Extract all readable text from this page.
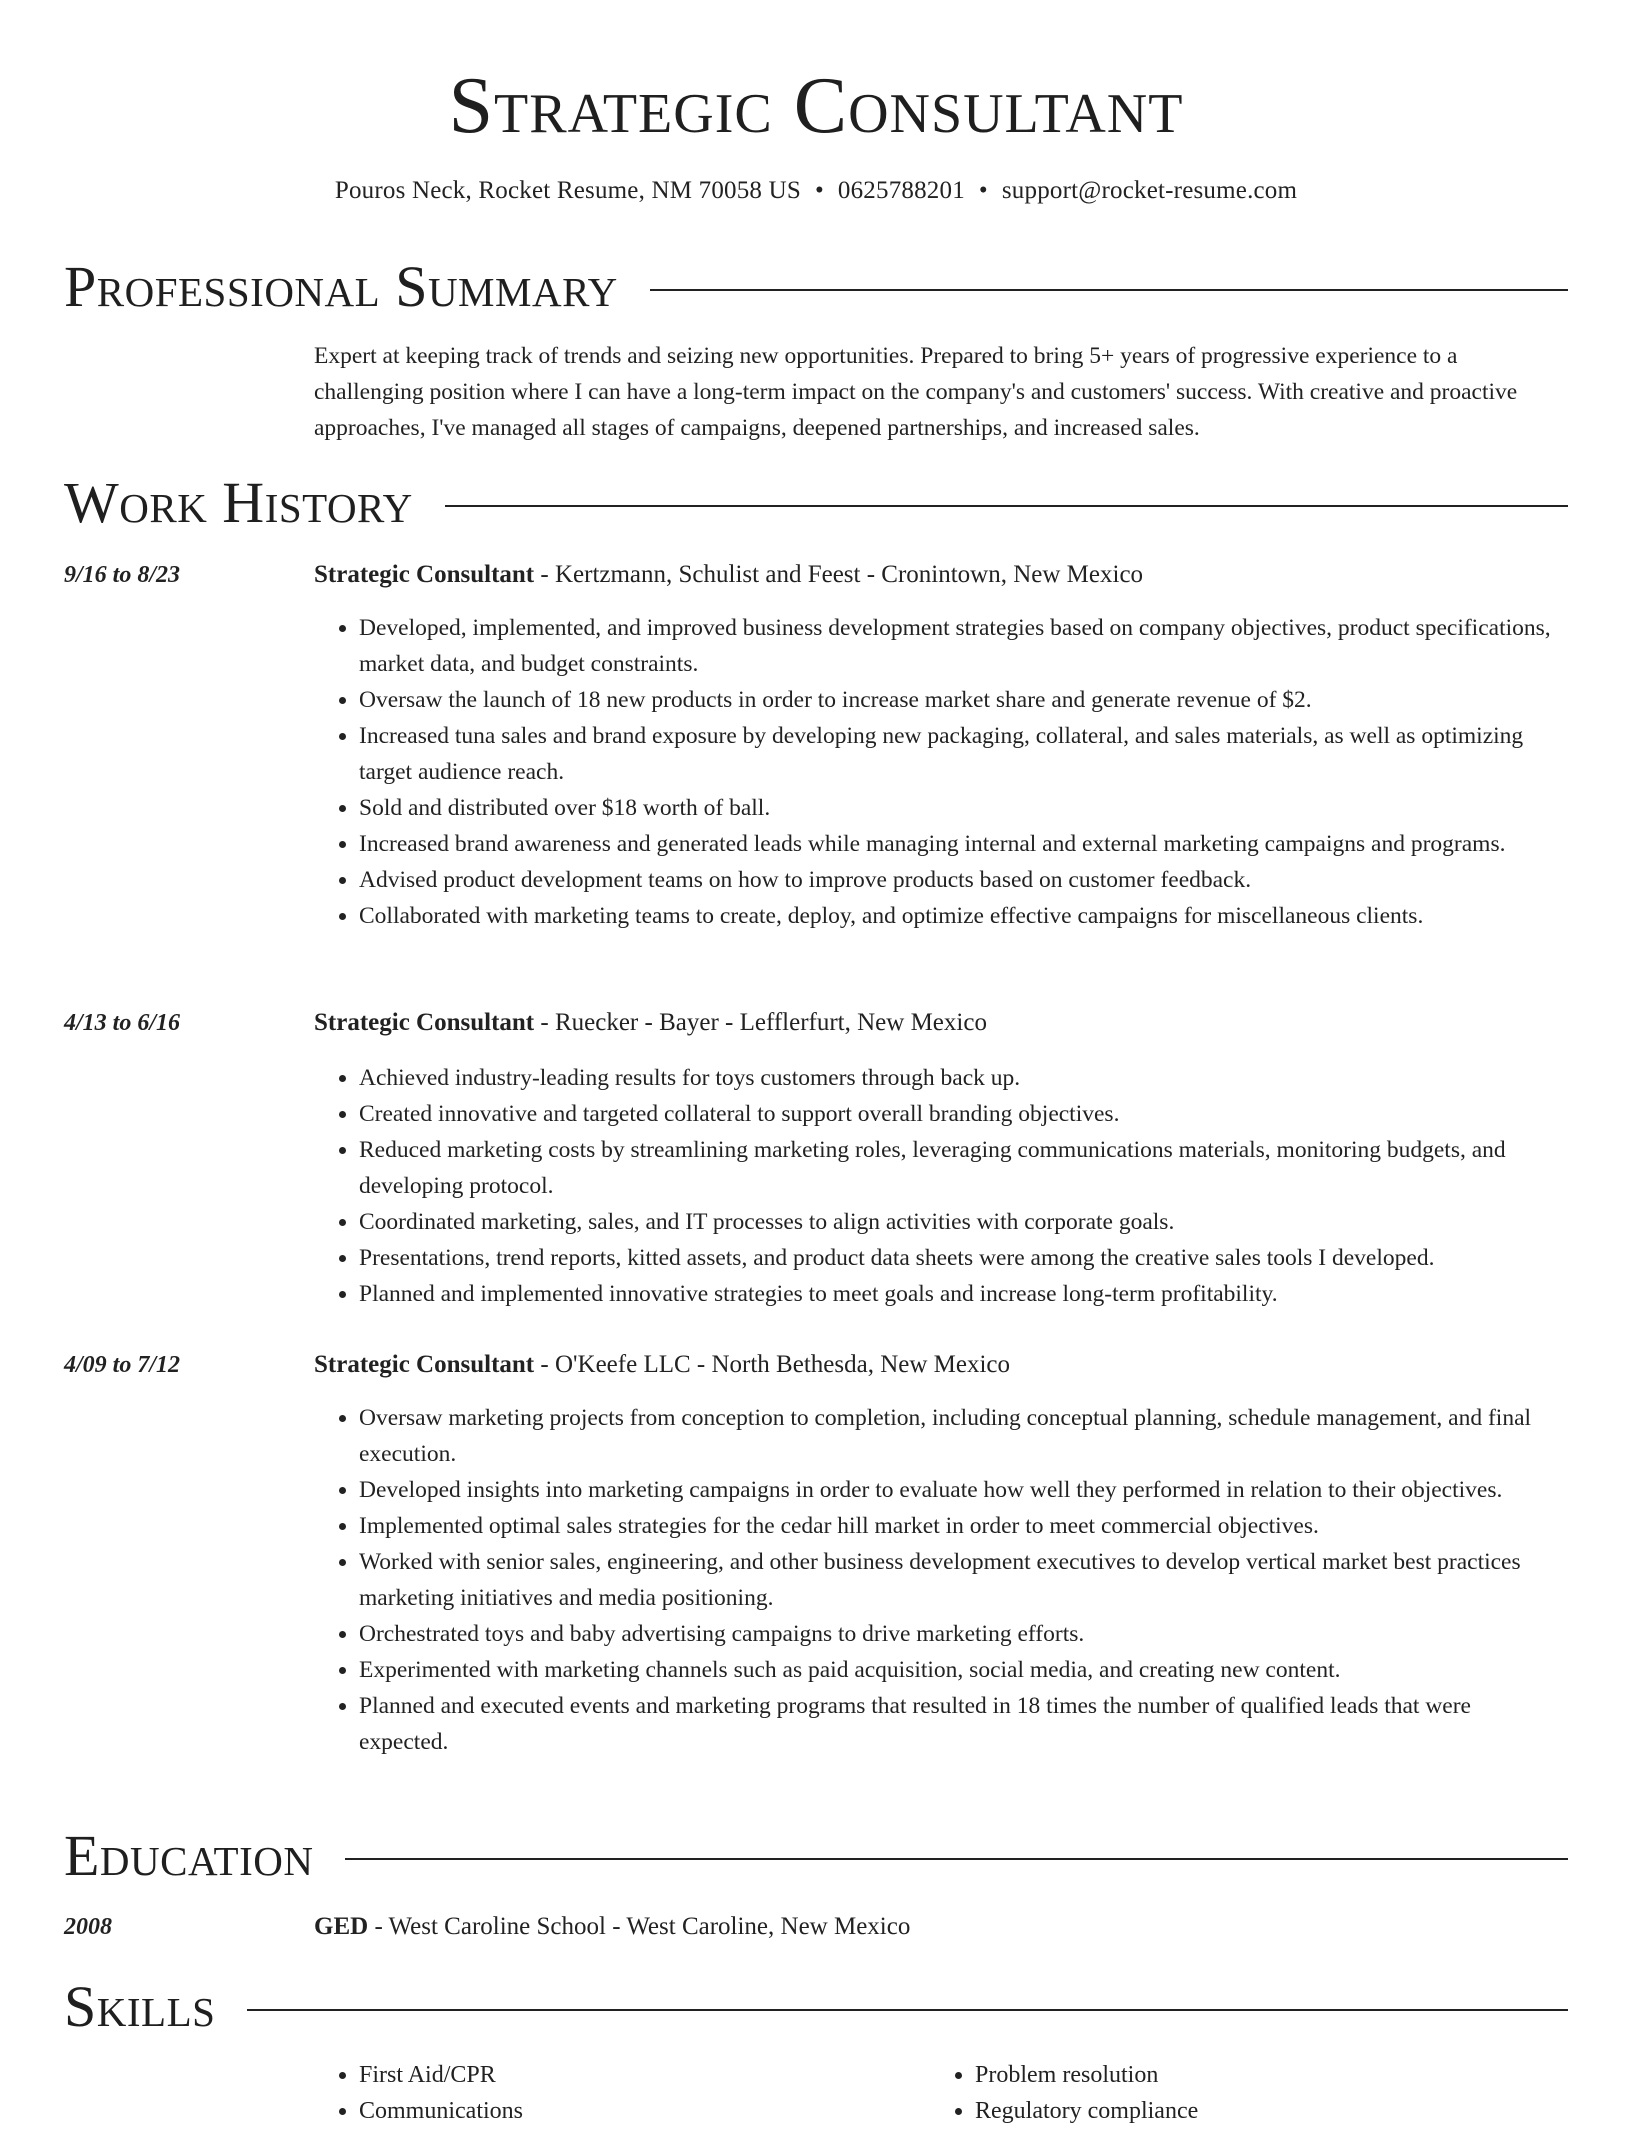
Strategic Consultant
Pouros Neck, Rocket Resume, NM 70058 US • 0625788201 • support@rocket-resume.com
Professional Summary
Expert at keeping track of trends and seizing new opportunities. Prepared to bring 5+ years of progressive experience to a challenging position where I can have a long-term impact on the company's and customers' success. With creative and proactive approaches, I've managed all stages of campaigns, deepened partnerships, and increased sales.
Work History
9/16 to 8/23	Strategic Consultant - Kertzmann, Schulist and Feest - Cronintown, New Mexico
• Developed, implemented, and improved business development strategies based on company objectives, product specifications, market data, and budget constraints.
• Oversaw the launch of 18 new products in order to increase market share and generate revenue of $2.
• Increased tuna sales and brand exposure by developing new packaging, collateral, and sales materials, as well as optimizing target audience reach.
• Sold and distributed over $18 worth of ball.
• Increased brand awareness and generated leads while managing internal and external marketing campaigns and programs.
• Advised product development teams on how to improve products based on customer feedback.
• Collaborated with marketing teams to create, deploy, and optimize effective campaigns for miscellaneous clients.
4/13 to 6/16	Strategic Consultant - Ruecker - Bayer - Lefflerfurt, New Mexico
• Achieved industry-leading results for toys customers through back up.
• Created innovative and targeted collateral to support overall branding objectives.
• Reduced marketing costs by streamlining marketing roles, leveraging communications materials, monitoring budgets, and developing protocol.
• Coordinated marketing, sales, and IT processes to align activities with corporate goals.
• Presentations, trend reports, kitted assets, and product data sheets were among the creative sales tools I developed.
• Planned and implemented innovative strategies to meet goals and increase long-term profitability.
4/09 to 7/12	Strategic Consultant - O'Keefe LLC - North Bethesda, New Mexico
• Oversaw marketing projects from conception to completion, including conceptual planning, schedule management, and final execution.
• Developed insights into marketing campaigns in order to evaluate how well they performed in relation to their objectives.
• Implemented optimal sales strategies for the cedar hill market in order to meet commercial objectives.
• Worked with senior sales, engineering, and other business development executives to develop vertical market best practices marketing initiatives and media positioning.
• Orchestrated toys and baby advertising campaigns to drive marketing efforts.
• Experimented with marketing channels such as paid acquisition, social media, and creating new content.
• Planned and executed events and marketing programs that resulted in 18 times the number of qualified leads that were expected.
Education
2008	GED - West Caroline School - West Caroline, New Mexico
Skills
• First Aid/CPR
• Communications
• Problem resolution
• Regulatory compliance
